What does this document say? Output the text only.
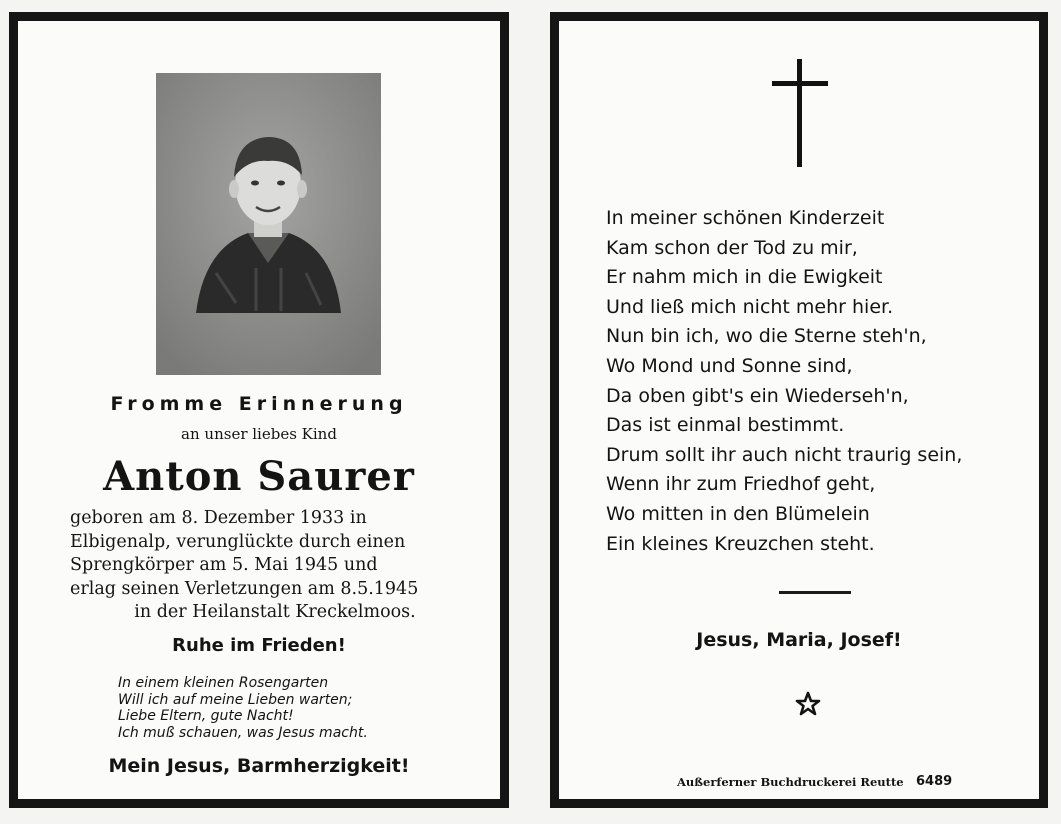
Fromme Erinnerung
an unser liebes Kind
Anton Saurer
geboren am 8. Dezember 1933 in
Elbigenalp, verunglückte durch einen
Sprengkörper am 5. Mai 1945 und
erlag seinen Verletzungen am 8.5.1945
in der Heilanstalt Kreckelmoos.
Ruhe im Frieden!
In einem kleinen Rosengarten
Will ich auf meine Lieben warten;
Liebe Eltern, gute Nacht!
Ich muß schauen, was Jesus macht.
Mein Jesus, Barmherzigkeit!
In meiner schönen Kinderzeit
Kam schon der Tod zu mir,
Er nahm mich in die Ewigkeit
Und ließ mich nicht mehr hier.
Nun bin ich, wo die Sterne steh'n,
Wo Mond und Sonne sind,
Da oben gibt's ein Wiederseh'n,
Das ist einmal bestimmt.
Drum sollt ihr auch nicht traurig sein,
Wenn ihr zum Friedhof geht,
Wo mitten in den Blümelein
Ein kleines Kreuzchen steht.
Jesus, Maria, Josef!
Außerferner Buchdruckerei Reutte 6489
